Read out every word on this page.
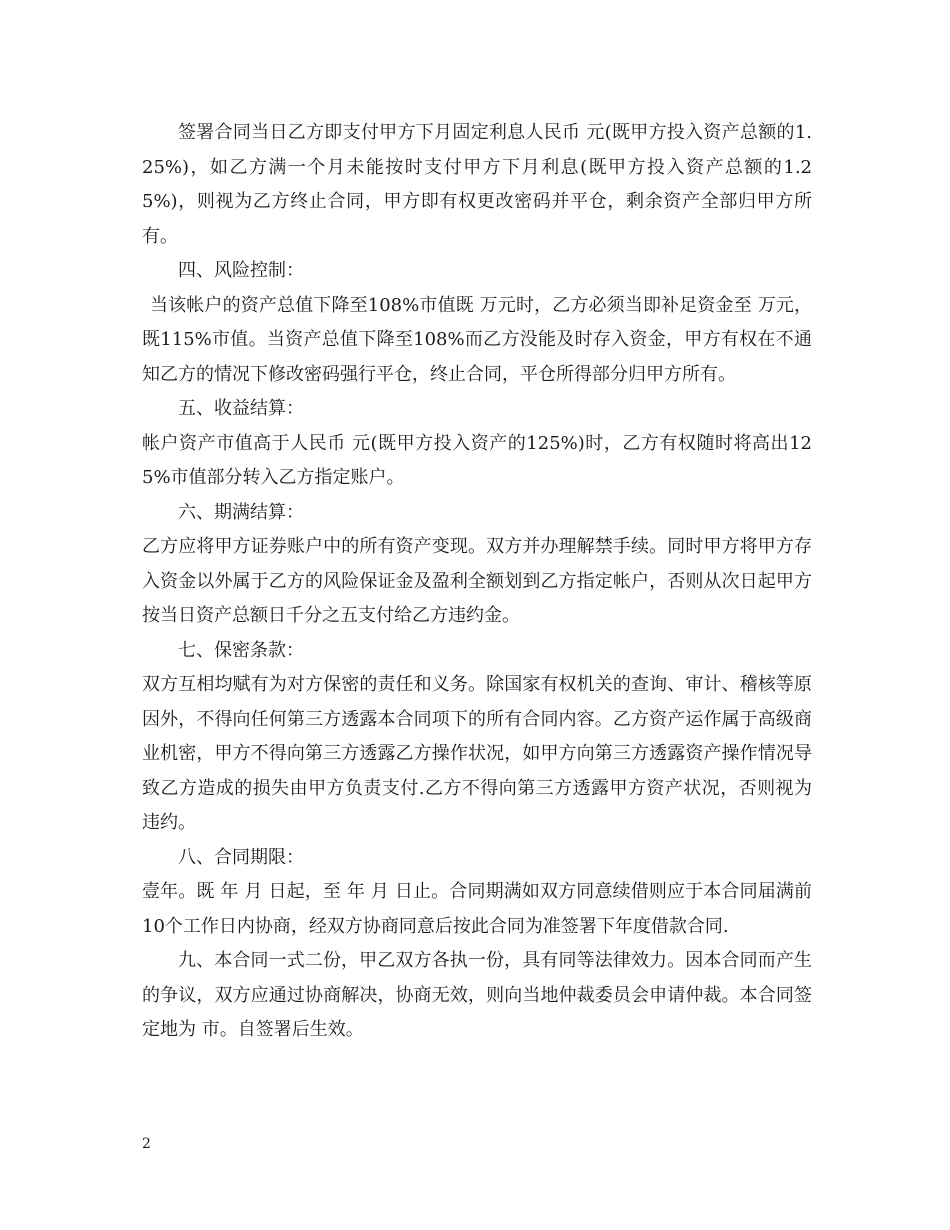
签署合同当日乙方即支付甲方下月固定利息人民币 元(既甲方投入资产总额的1.25%)，如乙方满一个月未能按时支付甲方下月利息(既甲方投入资产总额的1.25%)，则视为乙方终止合同，甲方即有权更改密码并平仓，剩余资产全部归甲方所有。

四、风险控制：

当该帐户的资产总值下降至108%市值既 万元时，乙方必须当即补足资金至 万元，既115%市值。当资产总值下降至108%而乙方没能及时存入资金，甲方有权在不通知乙方的情况下修改密码强行平仓，终止合同，平仓所得部分归甲方所有。

五、收益结算：

帐户资产市值高于人民币 元(既甲方投入资产的125%)时，乙方有权随时将高出125%市值部分转入乙方指定账户。

六、期满结算：

乙方应将甲方证券账户中的所有资产变现。双方并办理解禁手续。同时甲方将甲方存入资金以外属于乙方的风险保证金及盈利全额划到乙方指定帐户，否则从次日起甲方按当日资产总额日千分之五支付给乙方违约金。

七、保密条款：

双方互相均赋有为对方保密的责任和义务。除国家有权机关的查询、审计、稽核等原因外，不得向任何第三方透露本合同项下的所有合同内容。乙方资产运作属于高级商业机密，甲方不得向第三方透露乙方操作状况，如甲方向第三方透露资产操作情况导致乙方造成的损失由甲方负责支付.乙方不得向第三方透露甲方资产状况，否则视为违约。

八、合同期限：

壹年。既 年 月 日起，至 年 月 日止。合同期满如双方同意续借则应于本合同届满前10个工作日内协商，经双方协商同意后按此合同为准签署下年度借款合同.

九、本合同一式二份，甲乙双方各执一份，具有同等法律效力。因本合同而产生的争议，双方应通过协商解决，协商无效，则向当地仲裁委员会申请仲裁。本合同签定地为 市。自签署后生效。

2
